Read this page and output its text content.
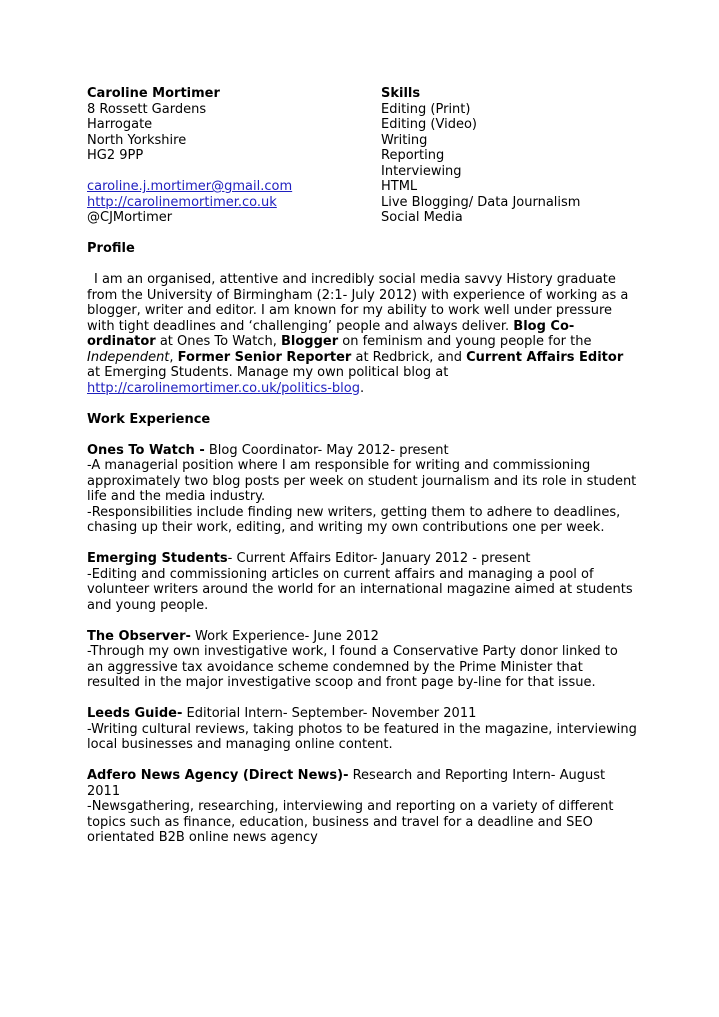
Caroline Mortimer
8 Rossett Gardens
Harrogate
North Yorkshire
HG2 9PP
caroline.j.mortimer@gmail.com
http://carolinemortimer.co.uk
@CJMortimer
Skills
Editing (Print)
Editing (Video)
Writing
Reporting
Interviewing
HTML
Live Blogging/ Data Journalism
Social Media
Profile
I am an organised, attentive and incredibly social media savvy History graduate from the University of Birmingham (2:1- July 2012) with experience of working as a blogger, writer and editor. I am known for my ability to work well under pressure with tight deadlines and ‘challenging’ people and always deliver. Blog Co-ordinator at Ones To Watch, Blogger on feminism and young people for the Independent, Former Senior Reporter at Redbrick, and Current Affairs Editor at Emerging Students. Manage my own political blog at http://carolinemortimer.co.uk/politics-blog.
Work Experience
Ones To Watch - Blog Coordinator- May 2012- present
-A managerial position where I am responsible for writing and commissioning approximately two blog posts per week on student journalism and its role in student life and the media industry.
-Responsibilities include finding new writers, getting them to adhere to deadlines, chasing up their work, editing, and writing my own contributions one per week.
Emerging Students- Current Affairs Editor- January 2012 - present
-Editing and commissioning articles on current affairs and managing a pool of volunteer writers around the world for an international magazine aimed at students and young people.
The Observer- Work Experience- June 2012
-Through my own investigative work, I found a Conservative Party donor linked to an aggressive tax avoidance scheme condemned by the Prime Minister that resulted in the major investigative scoop and front page by-line for that issue.
Leeds Guide- Editorial Intern- September- November 2011
-Writing cultural reviews, taking photos to be featured in the magazine, interviewing local businesses and managing online content.
Adfero News Agency (Direct News)- Research and Reporting Intern- August 2011
-Newsgathering, researching, interviewing and reporting on a variety of different topics such as finance, education, business and travel for a deadline and SEO orientated B2B online news agency
